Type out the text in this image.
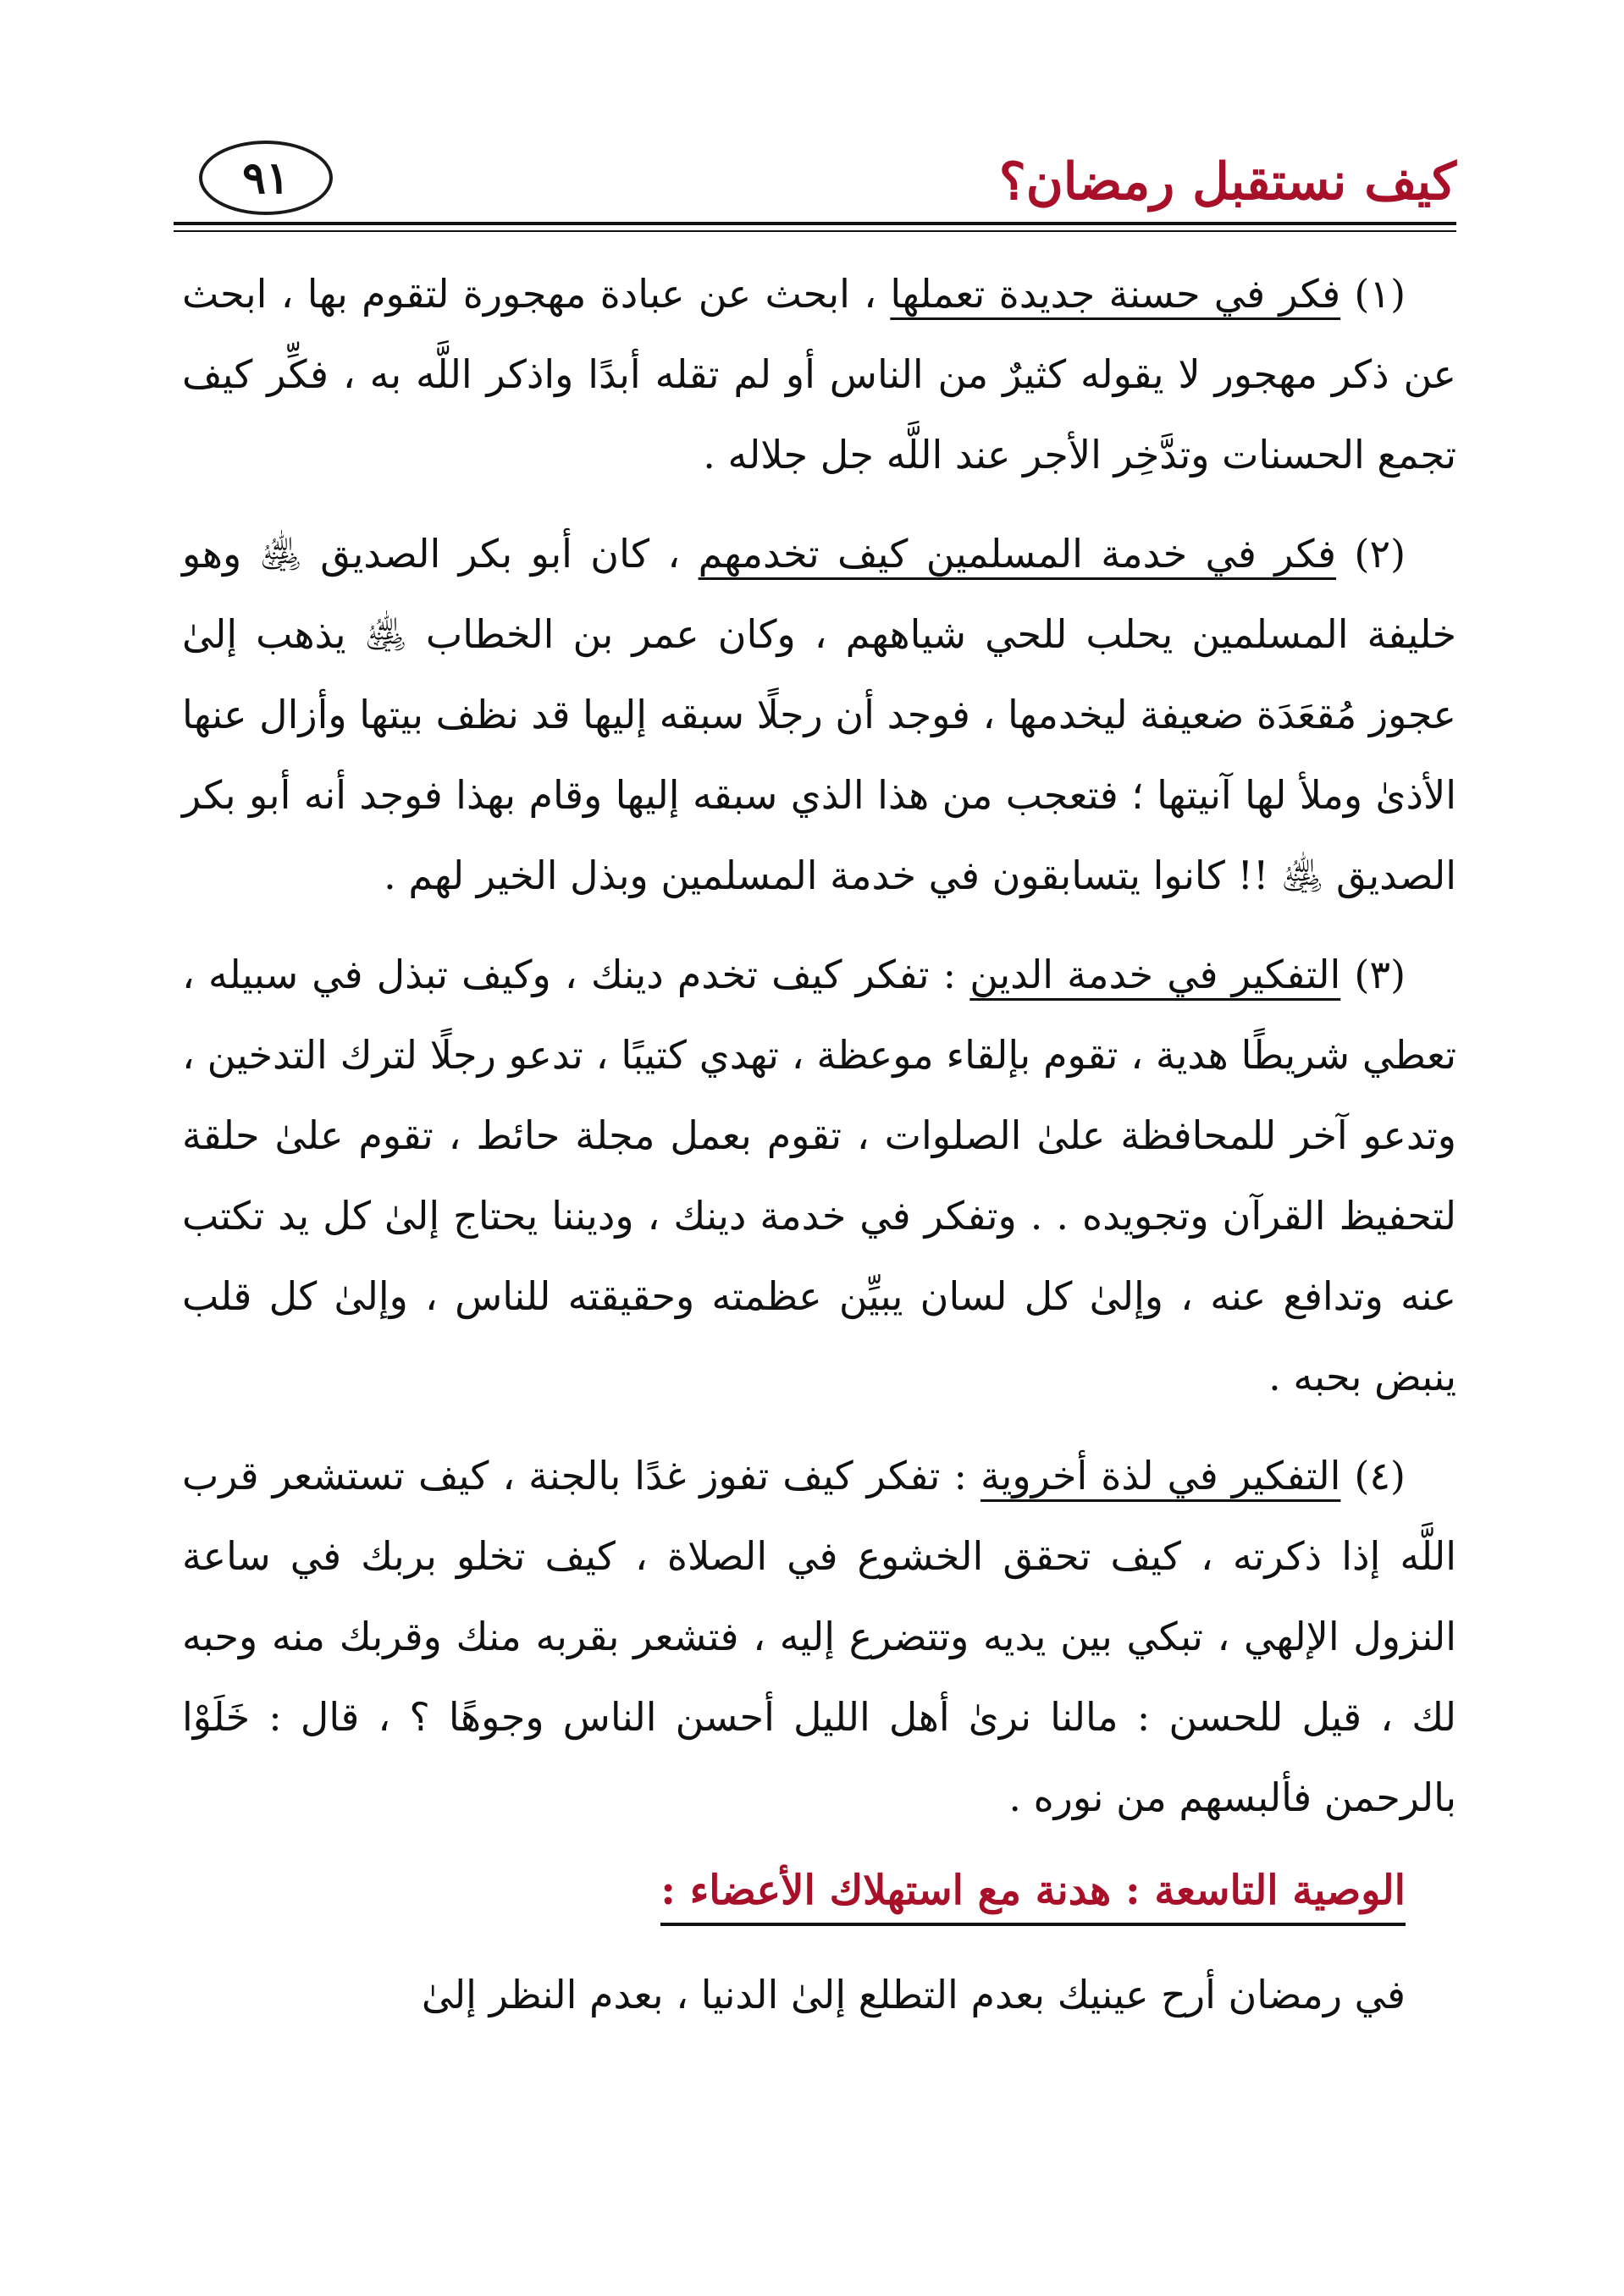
كيف نستقبل رمضان؟
٩١

(١) فكر في حسنة جديدة تعملها ، ابحث عن عبادة مهجورة لتقوم بها ، ابحث عن ذكر مهجور لا يقوله كثيرٌ من الناس أو لم تقله أبدًا واذكر اللَّه به ، فكِّر كيف تجمع الحسنات وتدَّخِر الأجر عند اللَّه جل جلاله .

(٢) فكر في خدمة المسلمين كيف تخدمهم ، كان أبو بكر الصديق ﵁ وهو خليفة المسلمين يحلب للحي شياههم ، وكان عمر بن الخطاب ﵁ يذهب إلىٰ عجوز مُقعَدَة ضعيفة ليخدمها ، فوجد أن رجلًا سبقه إليها قد نظف بيتها وأزال عنها الأذىٰ وملأ لها آنيتها ؛ فتعجب من هذا الذي سبقه إليها وقام بهذا فوجد أنه أبو بكر الصديق ﵁ !! كانوا يتسابقون في خدمة المسلمين وبذل الخير لهم .

(٣) التفكير في خدمة الدين : تفكر كيف تخدم دينك ، وكيف تبذل في سبيله ، تعطي شريطًا هدية ، تقوم بإلقاء موعظة ، تهدي كتيبًا ، تدعو رجلًا لترك التدخين ، وتدعو آخر للمحافظة علىٰ الصلوات ، تقوم بعمل مجلة حائط ، تقوم علىٰ حلقة لتحفيظ القرآن وتجويده . . وتفكر في خدمة دينك ، وديننا يحتاج إلىٰ كل يد تكتب عنه وتدافع عنه ، وإلىٰ كل لسان يبيِّن عظمته وحقيقته للناس ، وإلىٰ كل قلب ينبض بحبه .

(٤) التفكير في لذة أخروية : تفكر كيف تفوز غدًا بالجنة ، كيف تستشعر قرب اللَّه إذا ذكرته ، كيف تحقق الخشوع في الصلاة ، كيف تخلو بربك في ساعة النزول الإلهي ، تبكي بين يديه وتتضرع إليه ، فتشعر بقربه منك وقربك منه وحبه لك ، قيل للحسن : مالنا نرىٰ أهل الليل أحسن الناس وجوهًا ؟ ، قال : خَلَوْا بالرحمن فألبسهم من نوره .

الوصية التاسعة : هدنة مع استهلاك الأعضاء :

في رمضان أرح عينيك بعدم التطلع إلىٰ الدنيا ، بعدم النظر إلىٰ
